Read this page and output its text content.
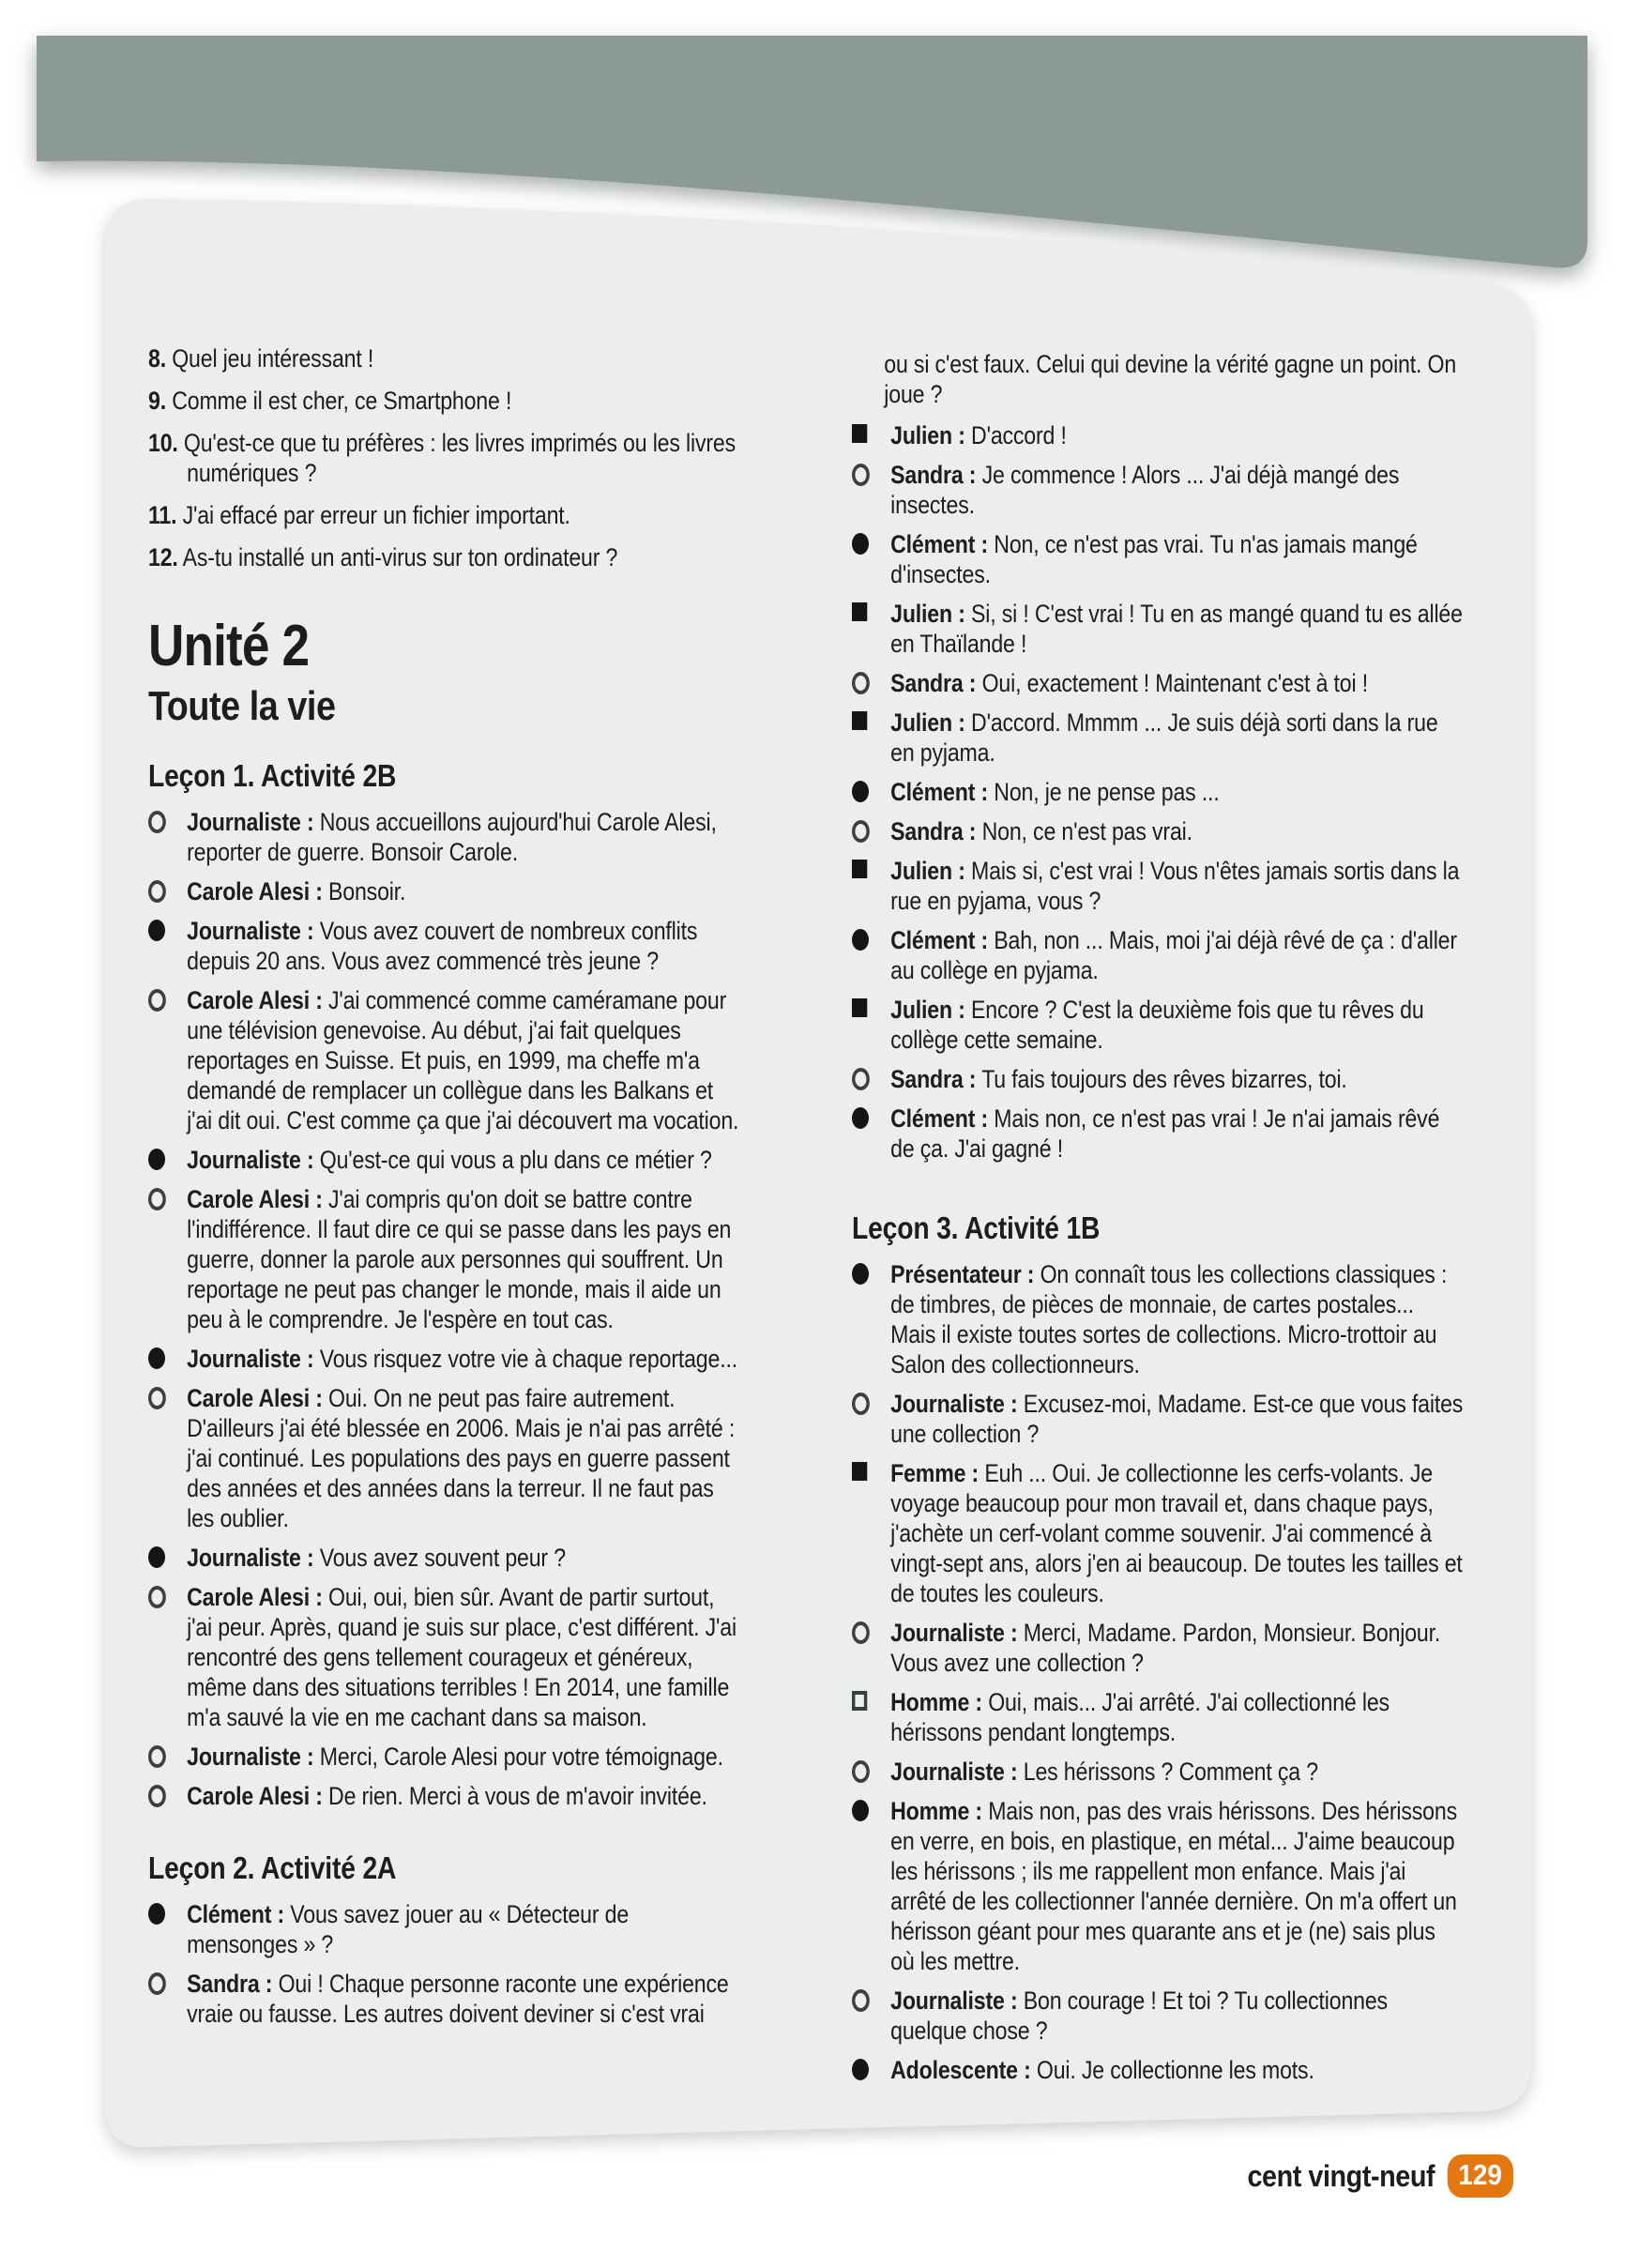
8. Quel jeu intéressant !
9. Comme il est cher, ce Smartphone !
10. Qu'est-ce que tu préfères : les livres imprimés ou les livres numériques ?
11. J'ai effacé par erreur un fichier important.
12. As-tu installé un anti-virus sur ton ordinateur ?
Unité 2
Toute la vie
Leçon 1. Activité 2B
Journaliste : Nous accueillons aujourd'hui Carole Alesi, reporter de guerre. Bonsoir Carole.
Carole Alesi : Bonsoir.
Journaliste : Vous avez couvert de nombreux conflits depuis 20 ans. Vous avez commencé très jeune ?
Carole Alesi : J'ai commencé comme caméramane pour une télévision genevoise. Au début, j'ai fait quelques reportages en Suisse. Et puis, en 1999, ma cheffe m'a demandé de remplacer un collègue dans les Balkans et j'ai dit oui. C'est comme ça que j'ai découvert ma vocation.
Journaliste : Qu'est-ce qui vous a plu dans ce métier ?
Carole Alesi : J'ai compris qu'on doit se battre contre l'indifférence. Il faut dire ce qui se passe dans les pays en guerre, donner la parole aux personnes qui souffrent. Un reportage ne peut pas changer le monde, mais il aide un peu à le comprendre. Je l'espère en tout cas.
Journaliste : Vous risquez votre vie à chaque reportage...
Carole Alesi : Oui. On ne peut pas faire autrement. D'ailleurs j'ai été blessée en 2006. Mais je n'ai pas arrêté : j'ai continué. Les populations des pays en guerre passent des années et des années dans la terreur. Il ne faut pas les oublier.
Journaliste : Vous avez souvent peur ?
Carole Alesi : Oui, oui, bien sûr. Avant de partir surtout, j'ai peur. Après, quand je suis sur place, c'est différent. J'ai rencontré des gens tellement courageux et généreux, même dans des situations terribles ! En 2014, une famille m'a sauvé la vie en me cachant dans sa maison.
Journaliste : Merci, Carole Alesi pour votre témoignage.
Carole Alesi : De rien. Merci à vous de m'avoir invitée.
Leçon 2. Activité 2A
Clément : Vous savez jouer au « Détecteur de mensonges » ?
Sandra : Oui ! Chaque personne raconte une expérience vraie ou fausse. Les autres doivent deviner si c'est vrai
ou si c'est faux. Celui qui devine la vérité gagne un point. On joue ?
Julien : D'accord !
Sandra : Je commence ! Alors ... J'ai déjà mangé des insectes.
Clément : Non, ce n'est pas vrai. Tu n'as jamais mangé d'insectes.
Julien : Si, si ! C'est vrai ! Tu en as mangé quand tu es allée en Thaïlande !
Sandra : Oui, exactement ! Maintenant c'est à toi !
Julien : D'accord. Mmmm ... Je suis déjà sorti dans la rue en pyjama.
Clément : Non, je ne pense pas ...
Sandra : Non, ce n'est pas vrai.
Julien : Mais si, c'est vrai ! Vous n'êtes jamais sortis dans la rue en pyjama, vous ?
Clément : Bah, non ... Mais, moi j'ai déjà rêvé de ça : d'aller au collège en pyjama.
Julien : Encore ? C'est la deuxième fois que tu rêves du collège cette semaine.
Sandra : Tu fais toujours des rêves bizarres, toi.
Clément : Mais non, ce n'est pas vrai ! Je n'ai jamais rêvé de ça. J'ai gagné !
Leçon 3. Activité 1B
Présentateur : On connaît tous les collections classiques : de timbres, de pièces de monnaie, de cartes postales... Mais il existe toutes sortes de collections. Micro-trottoir au Salon des collectionneurs.
Journaliste : Excusez-moi, Madame. Est-ce que vous faites une collection ?
Femme : Euh ... Oui. Je collectionne les cerfs-volants. Je voyage beaucoup pour mon travail et, dans chaque pays, j'achète un cerf-volant comme souvenir. J'ai commencé à vingt-sept ans, alors j'en ai beaucoup. De toutes les tailles et de toutes les couleurs.
Journaliste : Merci, Madame. Pardon, Monsieur. Bonjour. Vous avez une collection ?
Homme : Oui, mais... J'ai arrêté. J'ai collectionné les hérissons pendant longtemps.
Journaliste : Les hérissons ? Comment ça ?
Homme : Mais non, pas des vrais hérissons. Des hérissons en verre, en bois, en plastique, en métal... J'aime beaucoup les hérissons ; ils me rappellent mon enfance. Mais j'ai arrêté de les collectionner l'année dernière. On m'a offert un hérisson géant pour mes quarante ans et je (ne) sais plus où les mettre.
Journaliste : Bon courage ! Et toi ? Tu collectionnes quelque chose ?
Adolescente : Oui. Je collectionne les mots.
cent vingt-neuf 129
